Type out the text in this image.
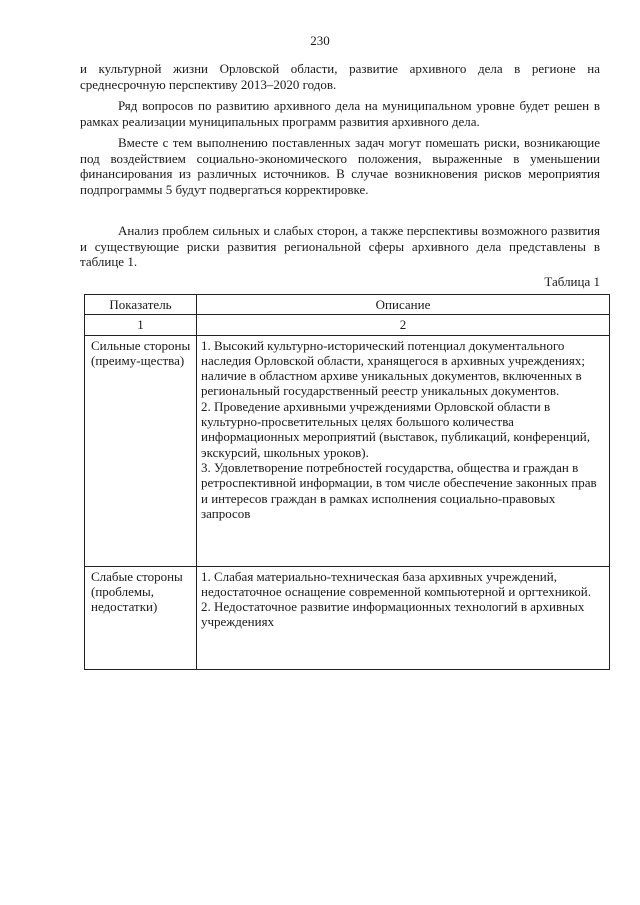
230

и культурной жизни Орловской области, развитие архивного дела в регионе на среднесрочную перспективу 2013–2020 годов.

Ряд вопросов по развитию архивного дела на муниципальном уровне будет решен в рамках реализации муниципальных программ развития архивного дела.

Вместе с тем выполнению поставленных задач могут помешать риски, возникающие под воздействием социально-экономического положения, выраженные в уменьшении финансирования из различных источников. В случае возникновения рисков мероприятия подпрограммы 5 будут подвергаться корректировке.

Анализ проблем сильных и слабых сторон, а также перспективы возможного развития и существующие риски развития региональной сферы архивного дела представлены в таблице 1.

Таблица 1
Показатель	Описание
1	2
Сильные стороны (преиму-щества)	1. Высокий культурно-исторический потенциал документального наследия Орловской области, хранящегося в архивных учреждениях; наличие в областном архиве уникальных документов, включенных в региональный государственный реестр уникальных документов.
2. Проведение архивными учреждениями Орловской области в культурно-просветительных целях большого количества информационных мероприятий (выставок, публикаций, конференций, экскурсий, школьных уроков).
3. Удовлетворение потребностей государства, общества и граждан в ретроспективной информации, в том числе обеспечение законных прав и интересов граждан в рамках исполнения социально-правовых запросов

Слабые стороны (проблемы, недостатки)	1. Слабая материально-техническая база архивных учреждений, недостаточное оснащение современной компьютерной и оргтехникой.
2. Недостаточное развитие информационных технологий в архивных учреждениях
